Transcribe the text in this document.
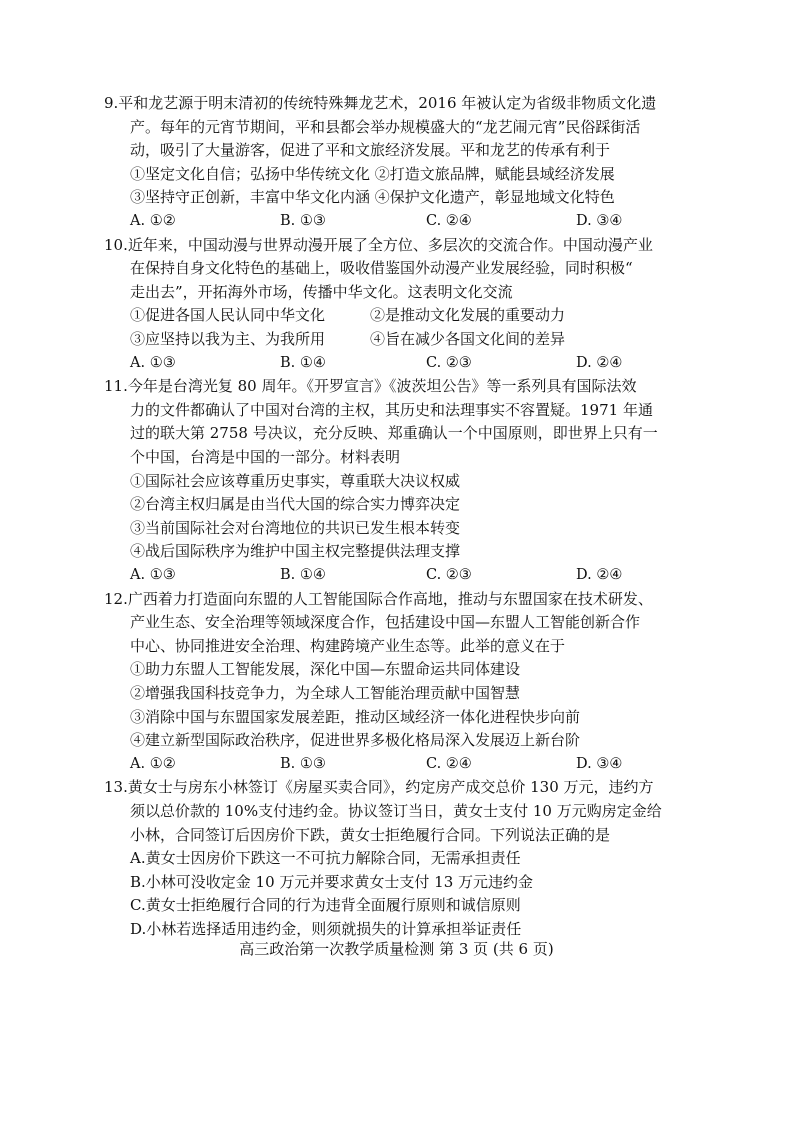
9.平和龙艺源于明末清初的传统特殊舞龙艺术，2016 年被认定为省级非物质文化遗
产。每年的元宵节期间，平和县都会举办规模盛大的“龙艺闹元宵”民俗踩街活
动，吸引了大量游客，促进了平和文旅经济发展。平和龙艺的传承有利于
①坚定文化自信；弘扬中华传统文化 ②打造文旅品牌，赋能县域经济发展
③坚持守正创新，丰富中华文化内涵 ④保护文化遗产，彰显地域文化特色
A. ①②	B. ①③	C. ②④	D. ③④
10.近年来，中国动漫与世界动漫开展了全方位、多层次的交流合作。中国动漫产业
在保持自身文化特色的基础上，吸收借鉴国外动漫产业发展经验，同时积极“
走出去”，开拓海外市场，传播中华文化。这表明文化交流
①促进各国人民认同中华文化　　　②是推动文化发展的重要动力
③应坚持以我为主、为我所用　　　④旨在减少各国文化间的差异
A. ①③	B. ①④	C. ②③	D. ②④
11.今年是台湾光复 80 周年。《开罗宣言》《波茨坦公告》等一系列具有国际法效
力的文件都确认了中国对台湾的主权，其历史和法理事实不容置疑。1971 年通
过的联大第 2758 号决议，充分反映、郑重确认一个中国原则，即世界上只有一
个中国，台湾是中国的一部分。材料表明
①国际社会应该尊重历史事实，尊重联大决议权威
②台湾主权归属是由当代大国的综合实力博弈决定
③当前国际社会对台湾地位的共识已发生根本转变
④战后国际秩序为维护中国主权完整提供法理支撑
A. ①③	B. ①④	C. ②③	D. ②④
12.广西着力打造面向东盟的人工智能国际合作高地，推动与东盟国家在技术研发、
产业生态、安全治理等领域深度合作，包括建设中国—东盟人工智能创新合作
中心、协同推进安全治理、构建跨境产业生态等。此举的意义在于
①助力东盟人工智能发展，深化中国—东盟命运共同体建设
②增强我国科技竞争力，为全球人工智能治理贡献中国智慧
③消除中国与东盟国家发展差距，推动区域经济一体化进程快步向前
④建立新型国际政治秩序，促进世界多极化格局深入发展迈上新台阶
A. ①②	B. ①③	C. ②④	D. ③④
13.黄女士与房东小林签订《房屋买卖合同》，约定房产成交总价 130 万元，违约方
须以总价款的 10%支付违约金。协议签订当日，黄女士支付 10 万元购房定金给
小林，合同签订后因房价下跌，黄女士拒绝履行合同。下列说法正确的是
A.黄女士因房价下跌这一不可抗力解除合同，无需承担责任
B.小林可没收定金 10 万元并要求黄女士支付 13 万元违约金
C.黄女士拒绝履行合同的行为违背全面履行原则和诚信原则
D.小林若选择适用违约金，则须就损失的计算承担举证责任
高三政治第一次教学质量检测 第 3 页 (共 6 页)
